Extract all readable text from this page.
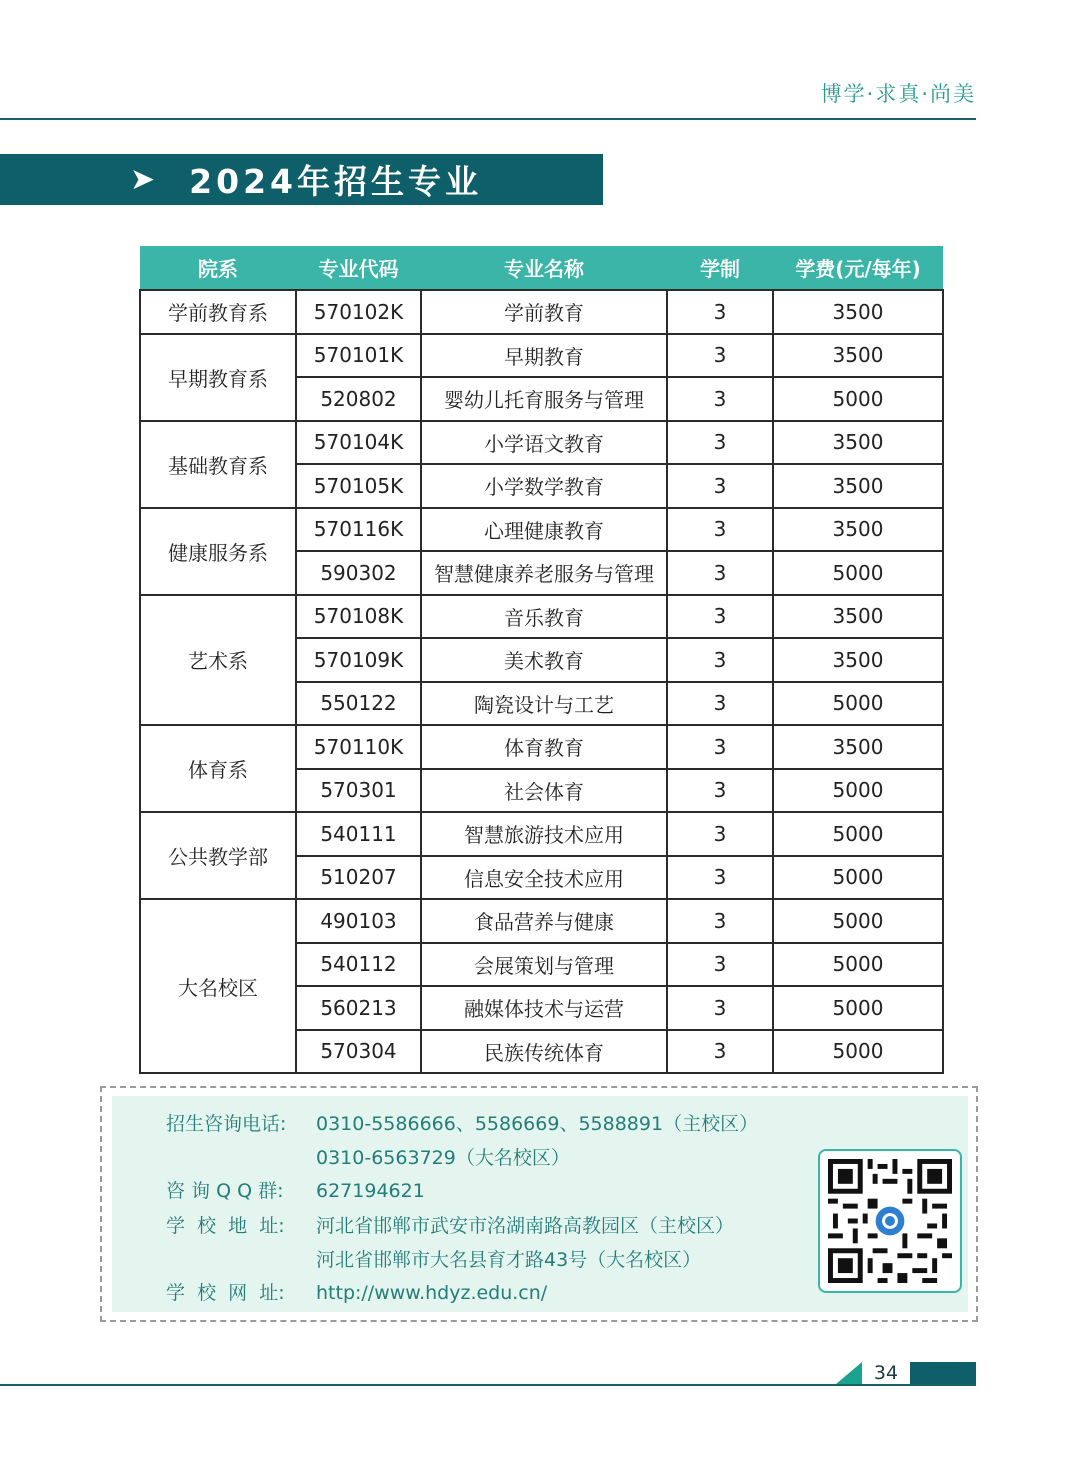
博学·求真·尚美
➤ 2024年招生专业
院系	专业代码	专业名称	学制	学费(元/每年)
学前教育系	570102K	学前教育	3	3500
早期教育系	570101K	早期教育	3	3500
	520802	婴幼儿托育服务与管理	3	5000
基础教育系	570104K	小学语文教育	3	3500
	570105K	小学数学教育	3	3500
健康服务系	570116K	心理健康教育	3	3500
	590302	智慧健康养老服务与管理	3	5000
艺术系	570108K	音乐教育	3	3500
	570109K	美术教育	3	3500
	550122	陶瓷设计与工艺	3	5000
体育系	570110K	体育教育	3	3500
	570301	社会体育	3	5000
公共教学部	540111	智慧旅游技术应用	3	5000
	510207	信息安全技术应用	3	5000
大名校区	490103	食品营养与健康	3	5000
	540112	会展策划与管理	3	5000
	560213	融媒体技术与运营	3	5000
	570304	民族传统体育	3	5000
招生咨询电话: 0310-5586666、5586669、5588891（主校区）
0310-6563729（大名校区）
咨 询 Q Q 群: 627194621
学  校  地  址: 河北省邯郸市武安市洺湖南路高教园区（主校区）
河北省邯郸市大名县育才路43号（大名校区）
学  校  网  址: http://www.hdyz.edu.cn/
34
